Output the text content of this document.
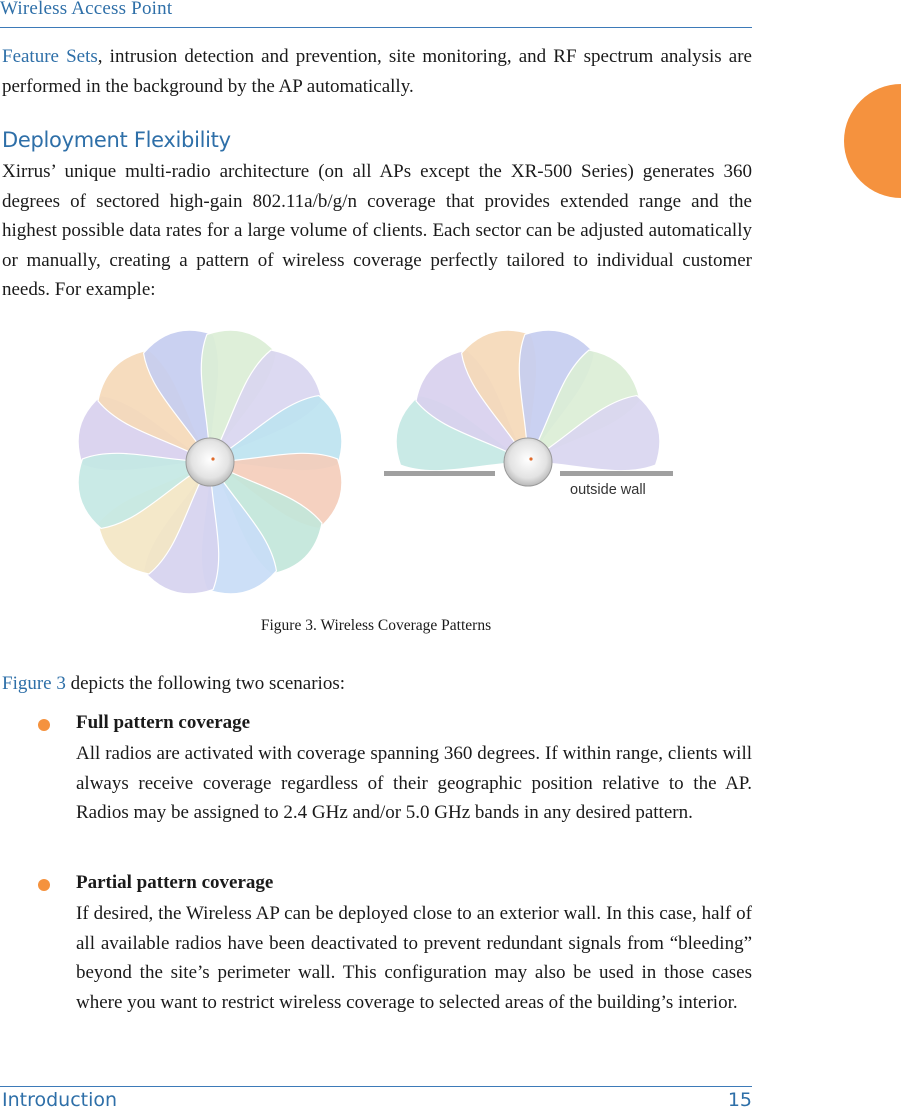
Wireless Access Point

Feature Sets, intrusion detection and prevention, site monitoring, and RF spectrum analysis are performed in the background by the AP automatically.

Deployment Flexibility

Xirrus’ unique multi-radio architecture (on all APs except the XR-500 Series) generates 360 degrees of sectored high-gain 802.11a/b/g/n coverage that provides extended range and the highest possible data rates for a large volume of clients. Each sector can be adjusted automatically or manually, creating a pattern of wireless coverage perfectly tailored to individual customer needs. For example:

outside wall
Figure 3. Wireless Coverage Patterns

Figure 3 depicts the following two scenarios:

Full pattern coverage

All radios are activated with coverage spanning 360 degrees. If within range, clients will always receive coverage regardless of their geographic position relative to the AP. Radios may be assigned to 2.4 GHz and/or 5.0 GHz bands in any desired pattern.

Partial pattern coverage

If desired, the Wireless AP can be deployed close to an exterior wall. In this case, half of all available radios have been deactivated to prevent redundant signals from “bleeding” beyond the site’s perimeter wall. This configuration may also be used in those cases where you want to restrict wireless coverage to selected areas of the building’s interior.

Introduction	15
